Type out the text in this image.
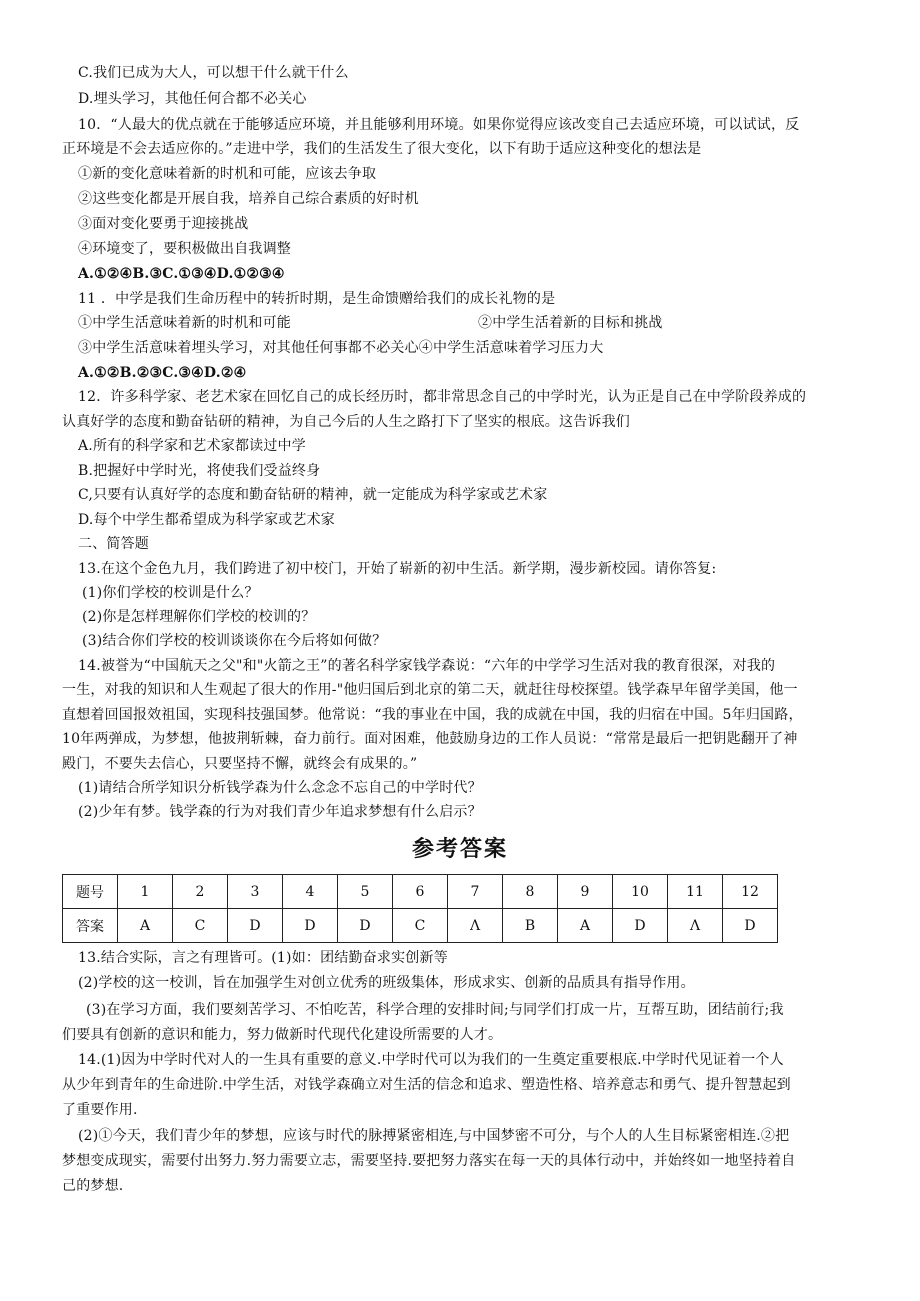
C.我们已成为大人，可以想干什么就干什么
D.埋头学习，其他任何合都不必关心
10．“人最大的优点就在于能够适应环境，并且能够利用环境。如果你觉得应该改变自己去适应环境，可以试试，反
正环境是不会去适应你的。”走进中学，我们的生活发生了很大变化，以下有助于适应这种变化的想法是
①新的变化意味着新的时机和可能，应该去争取
②这些变化都是开展自我，培养自己综合素质的好时机
③面对变化要勇于迎接挑战
④环境变了，要积极做出自我调整
A.①②④B.③C.①③④D.①②③④
11 ．中学是我们生命历程中的转折时期，是生命馈赠给我们的成长礼物的是
①中学生活意味着新的时机和可能	②中学生活着新的目标和挑战
③中学生活意味着埋头学习，对其他任何事都不必关心④中学生活意味着学习压力大
A.①②B.②③C.③④D.②④
12．许多科学家、老艺术家在回忆自己的成长经历时，都非常思念自己的中学时光，认为正是自己在中学阶段养成的
认真好学的态度和勤奋钻研的精神，为自己今后的人生之路打下了坚实的根底。这告诉我们
A.所有的科学家和艺术家都读过中学
B.把握好中学时光，将使我们受益终身
C,只要有认真好学的态度和勤奋钻研的精神，就一定能成为科学家或艺术家
D.每个中学生都希望成为科学家或艺术家
二、简答题
13.在这个金色九月，我们跨进了初中校门，开始了崭新的初中生活。新学期，漫步新校园。请你答复:
(1)你们学校的校训是什么？
(2)你是怎样理解你们学校的校训的？
(3)结合你们学校的校训谈谈你在今后将如何做？
14.被誉为“中国航天之父"和"火箭之王”的著名科学家钱学森说：“六年的中学学习生活对我的教育很深，对我的
一生，对我的知识和人生观起了很大的作用-"他归国后到北京的第二天，就赶往母校探望。钱学森早年留学美国，他一
直想着回国报效祖国，实现科技强国梦。他常说：“我的事业在中国，我的成就在中国，我的归宿在中国。5年归国路，
10年两弹成，为梦想，他披荆斩棘，奋力前行。面对困难，他鼓励身边的工作人员说：“常常是最后一把钥匙翻开了神
殿门，不要失去信心，只要坚持不懈，就终会有成果的。”
(1)请结合所学知识分析钱学森为什么念念不忘自己的中学时代？
(2)少年有梦。钱学森的行为对我们青少年追求梦想有什么启示？
参考答案
题号	1	2	3	4	5	6	7	8	9	10	11	12
答案	A	C	D	D	D	C	Λ	B	A	D	Λ	D
13.结合实际，言之有理皆可。(1)如：团结勤奋求实创新等
(2)学校的这一校训，旨在加强学生对创立优秀的班级集体，形成求实、创新的品质具有指导作用。
(3)在学习方面，我们要刻苦学习、不怕吃苦，科学合理的安排时间;与同学们打成一片，互帮互助，团结前行;我
们要具有创新的意识和能力，努力做新时代现代化建设所需要的人才。
14.(1)因为中学时代对人的一生具有重要的意义.中学时代可以为我们的一生奠定重要根底.中学时代见证着一个人
从少年到青年的生命进阶.中学生活，对钱学森确立对生活的信念和追求、塑造性格、培养意志和勇气、提升智慧起到
了重要作用.
(2)①今天，我们青少年的梦想，应该与时代的脉搏紧密相连,与中国梦密不可分，与个人的人生目标紧密相连.②把
梦想变成现实，需要付出努力.努力需要立志，需要坚持.要把努力落实在每一天的具体行动中，并始终如一地坚持着自
己的梦想.
